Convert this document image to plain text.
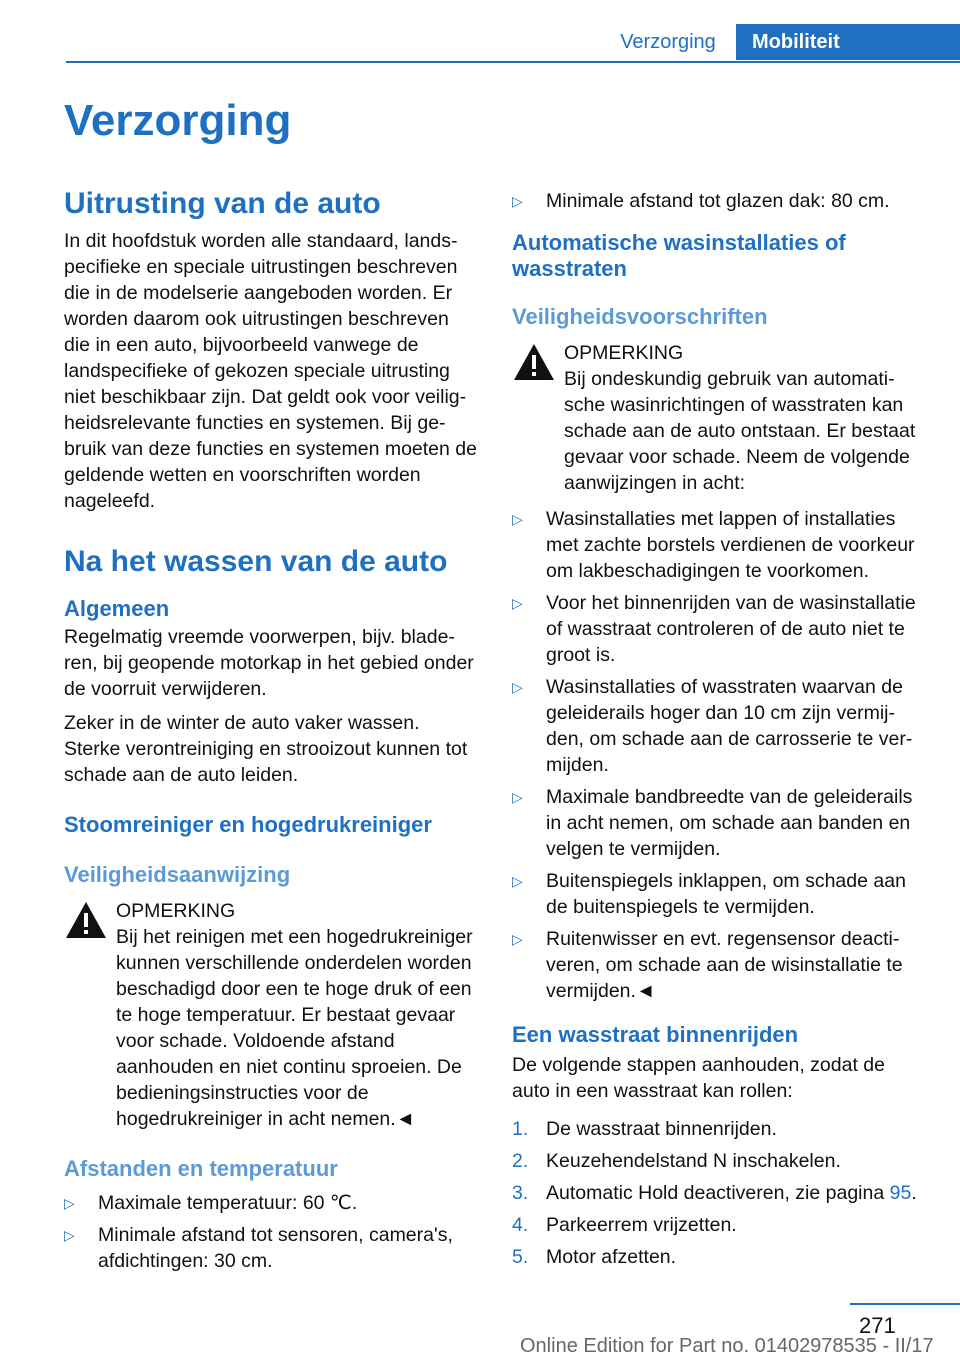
Verzorging	Mobiliteit
Verzorging
Uitrusting van de auto

In dit hoofdstuk worden alle standaard, landspecifieke en speciale uitrustingen beschreven die in de modelserie aangeboden worden. Er worden daarom ook uitrustingen beschreven die in een auto, bijvoorbeeld vanwege de landspecifieke of gekozen speciale uitrusting niet beschikbaar zijn. Dat geldt ook voor veiligheidsrelevante functies en systemen. Bij gebruik van deze functies en systemen moeten de geldende wetten en voorschriften worden nageleefd.

Na het wassen van de auto
Algemeen

Regelmatig vreemde voorwerpen, bijv. bladeren, bij geopende motorkap in het gebied onder de voorruit verwijderen.

Zeker in de winter de auto vaker wassen. Sterke verontreiniging en strooizout kunnen tot schade aan de auto leiden.

Stoomreiniger en hogedrukreiniger
Veiligheidsaanwijzing
OPMERKING

Bij het reinigen met een hogedrukreiniger kunnen verschillende onderdelen worden beschadigd door een te hoge druk of een te hoge temperatuur. Er bestaat gevaar voor schade. Voldoende afstand aanhouden en niet continu sproeien. De bedieningsinstructies voor de hogedrukreiniger in acht nemen.◄

Afstanden en temperatuur
▷ Maximale temperatuur: 60 ℃.
▷ Minimale afstand tot sensoren, camera's, afdichtingen: 30 cm.
▷ Minimale afstand tot glazen dak: 80 cm.
Automatische wasinstallaties of wasstraten
Veiligheidsvoorschriften
OPMERKING

Bij ondeskundig gebruik van automatische wasinrichtingen of wasstraten kan schade aan de auto ontstaan. Er bestaat gevaar voor schade. Neem de volgende aanwijzingen in acht:

▷ Wasinstallaties met lappen of installaties met zachte borstels verdienen de voorkeur om lakbeschadigingen te voorkomen.
▷ Voor het binnenrijden van de wasinstallatie of wasstraat controleren of de auto niet te groot is.
▷ Wasinstallaties of wasstraten waarvan de geleiderails hoger dan 10 cm zijn vermijden, om schade aan de carrosserie te vermijden.
▷ Maximale bandbreedte van de geleiderails in acht nemen, om schade aan banden en velgen te vermijden.
▷ Buitenspiegels inklappen, om schade aan de buitenspiegels te vermijden.
▷ Ruitenwisser en evt. regensensor deactiveren, om schade aan de wisinstallatie te vermijden.◄
Een wasstraat binnenrijden

De volgende stappen aanhouden, zodat de auto in een wasstraat kan rollen:

1. De wasstraat binnenrijden.
2. Keuzehendelstand N inschakelen.
3. Automatic Hold deactiveren, zie pagina 95.
4. Parkeerrem vrijzetten.
5. Motor afzetten.
271
Online Edition for Part no. 01402978535 - II/17
